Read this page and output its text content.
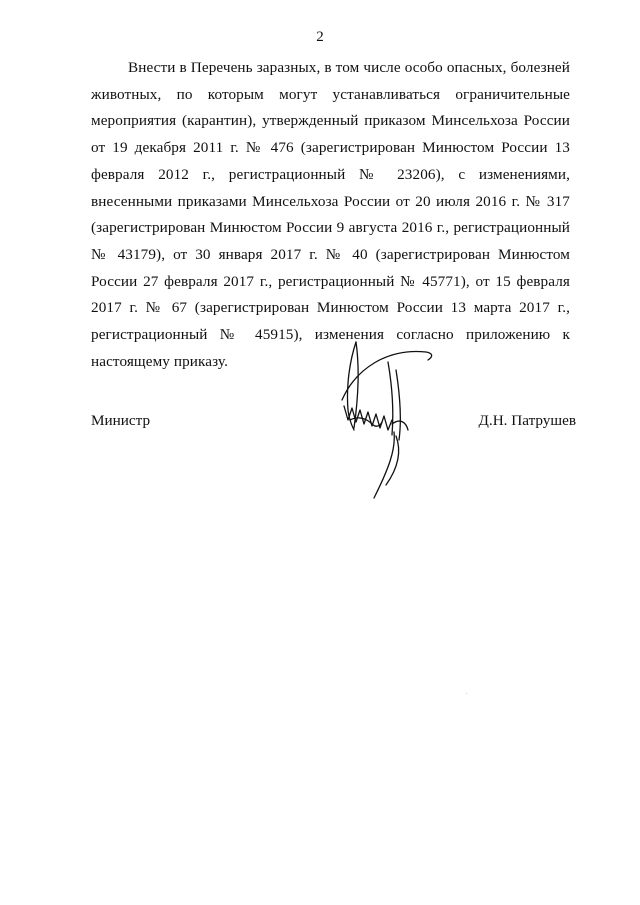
2

Внести в Перечень заразных, в том числе особо опасных, болезней животных, по которым могут устанавливаться ограничительные мероприятия (карантин), утвержденный приказом Минсельхоза России от 19 декабря 2011 г. № 476 (зарегистрирован Минюстом России 13 февраля 2012 г., регистрационный № 23206), с изменениями, внесенными приказами Минсельхоза России от 20 июля 2016 г. № 317 (зарегистрирован Минюстом России 9 августа 2016 г., регистрационный № 43179), от 30 января 2017 г. № 40 (зарегистрирован Минюстом России 27 февраля 2017 г., регистрационный № 45771), от 15 февраля 2017 г. № 67 (зарегистрирован Минюстом России 13 марта 2017 г., регистрационный № 45915), изменения согласно приложению к настоящему приказу.

Министр	Д.Н. Патрушев
